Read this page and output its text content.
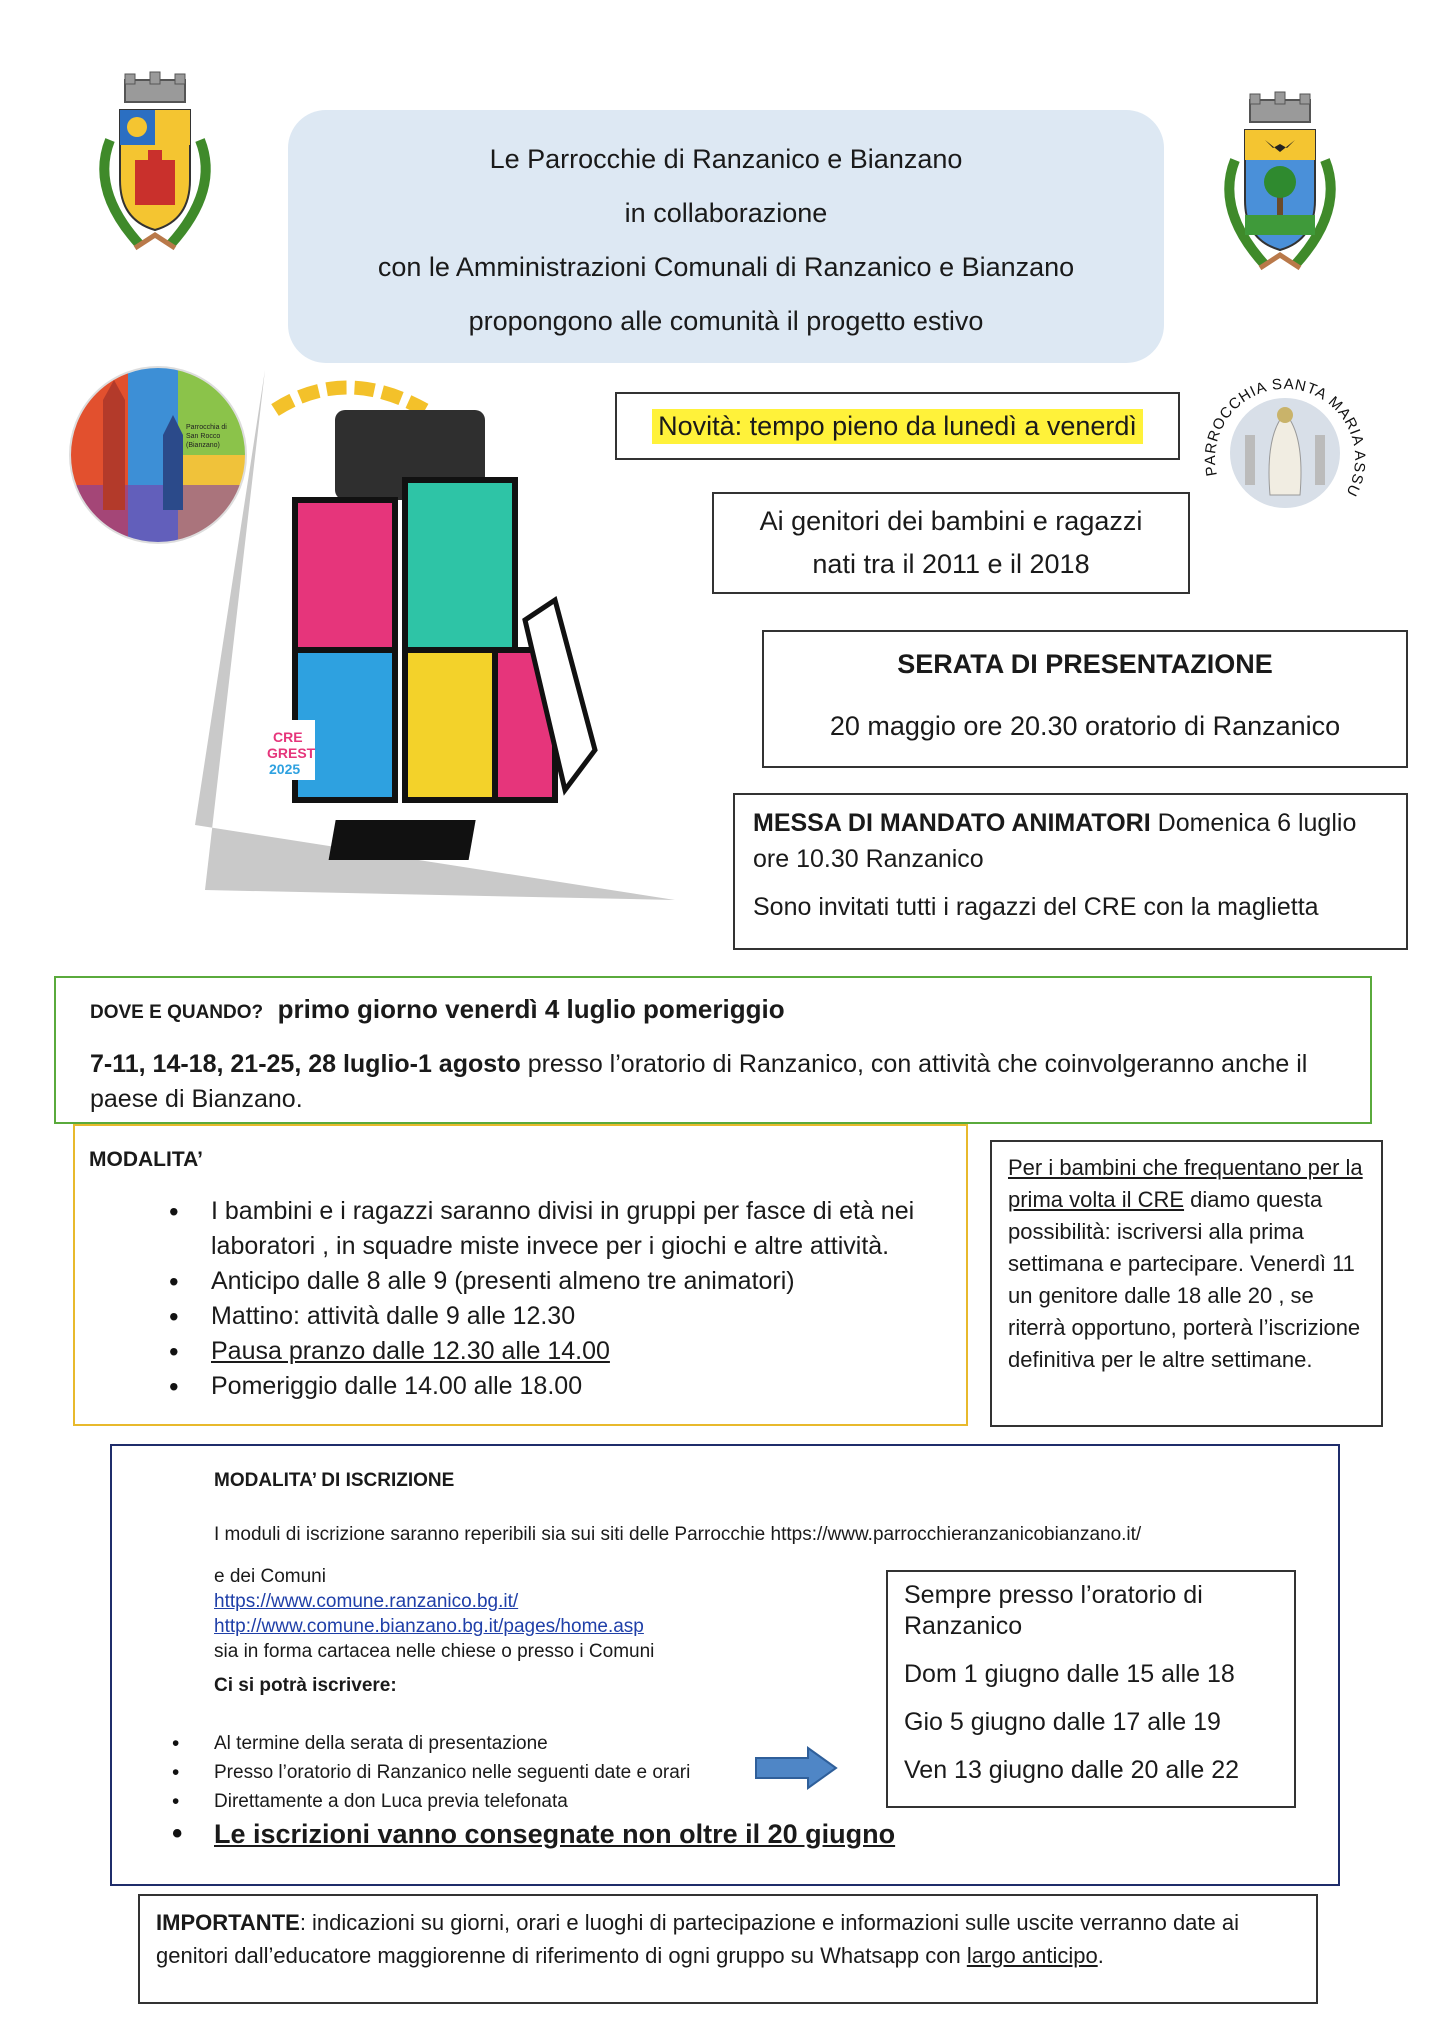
Le Parrocchie di Ranzanico e Bianzano
in collaborazione
con le Amministrazioni Comunali di Ranzanico e Bianzano
propongono alle comunità il progetto estivo
Parrocchia di San Rocco (Bianzano)
PARROCCHIA SANTA MARIA ASSU
CRE
GREST
2025
Novità: tempo pieno da lunedì a venerdì
Ai genitori dei bambini e ragazzi
nati tra il 2011 e il 2018
SERATA DI PRESENTAZIONE
20 maggio ore 20.30 oratorio di Ranzanico
MESSA DI MANDATO ANIMATORI Domenica 6 luglio ore 10.30 Ranzanico
Sono invitati tutti i ragazzi del CRE con la maglietta
DOVE E QUANDO? primo giorno venerdì 4 luglio pomeriggio
7-11, 14-18, 21-25, 28 luglio-1 agosto presso l’oratorio di Ranzanico, con attività che coinvolgeranno anche il paese di Bianzano.
MODALITA’
• I bambini e i ragazzi saranno divisi in gruppi per fasce di età nei laboratori , in squadre miste invece per i giochi e altre attività.
• Anticipo dalle 8 alle 9 (presenti almeno tre animatori)
• Mattino: attività dalle 9 alle 12.30
• Pausa pranzo dalle 12.30 alle 14.00
• Pomeriggio dalle 14.00 alle 18.00
Per i bambini che frequentano per la prima volta il CRE diamo questa possibilità: iscriversi alla prima settimana e partecipare. Venerdì 11 un genitore dalle 18 alle 20 , se riterrà opportuno, porterà l’iscrizione definitiva per le altre settimane.
MODALITA’ DI ISCRIZIONE
I moduli di iscrizione saranno reperibili sia sui siti delle Parrocchie https://www.parrocchieranzanicobianzano.it/
e dei Comuni
https://www.comune.ranzanico.bg.it/
http://www.comune.bianzano.bg.it/pages/home.asp
sia in forma cartacea nelle chiese o presso i Comuni
Ci si potrà iscrivere:
• Al termine della serata di presentazione
• Presso l’oratorio di Ranzanico nelle seguenti date e orari
• Direttamente a don Luca previa telefonata
• Le iscrizioni vanno consegnate non oltre il 20 giugno
Sempre presso l’oratorio di Ranzanico
Dom 1 giugno dalle 15 alle 18
Gio 5 giugno dalle 17 alle 19
Ven 13 giugno dalle 20 alle 22
IMPORTANTE: indicazioni su giorni, orari e luoghi di partecipazione e informazioni sulle uscite verranno date ai genitori dall’educatore maggiorenne di riferimento di ogni gruppo su Whatsapp con largo anticipo.
